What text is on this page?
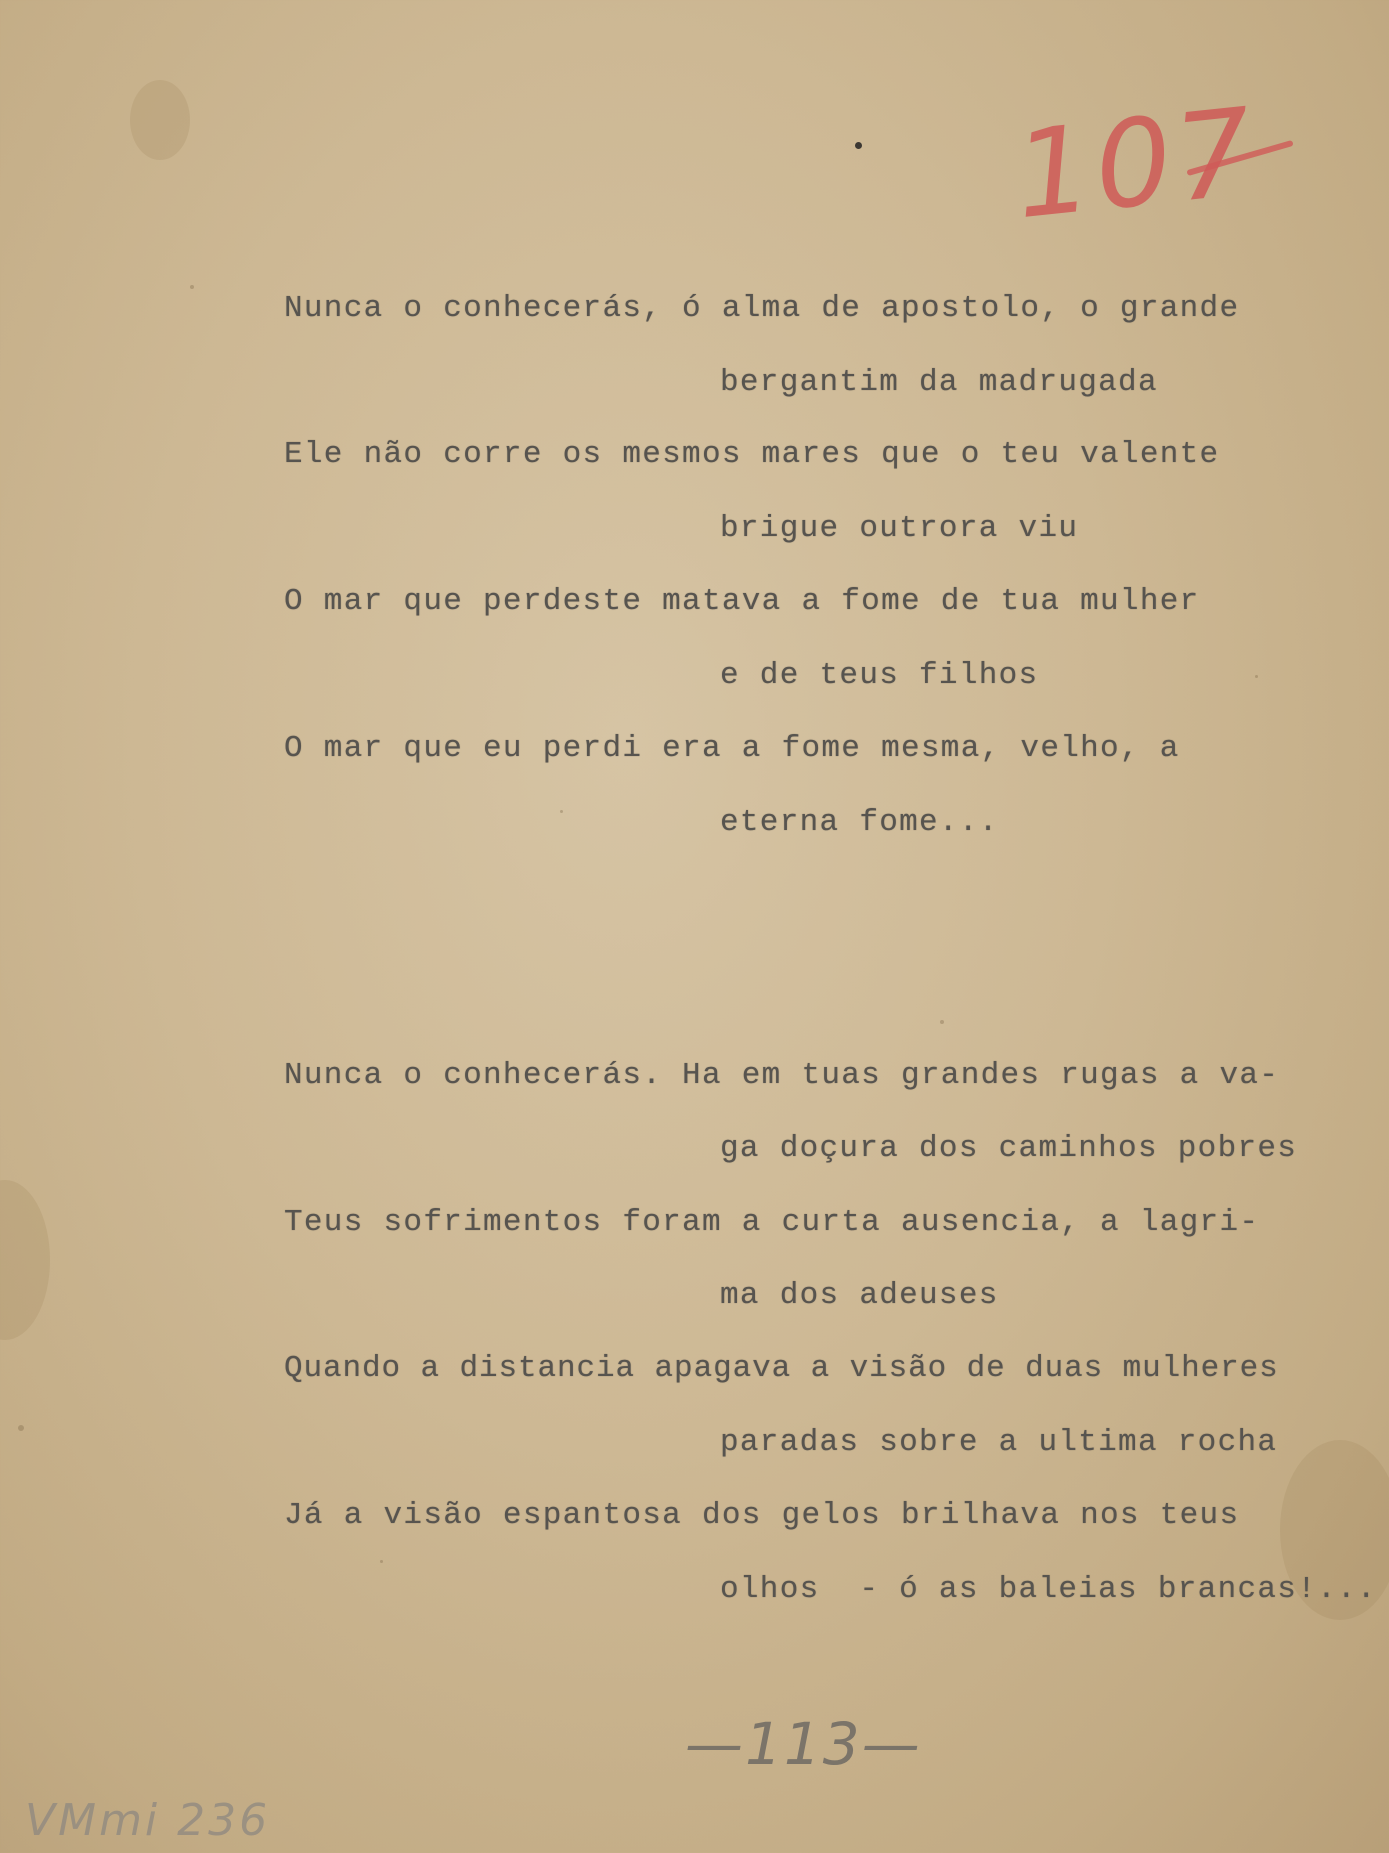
107
Nunca o conhecerás, ó alma de apostolo, o grande
bergantim da madrugada
Ele não corre os mesmos mares que o teu valente
brigue outrora viu
O mar que perdeste matava a fome de tua mulher
e de teus filhos
O mar que eu perdi era a fome mesma, velho, a
eterna fome...
Nunca o conhecerás. Ha em tuas grandes rugas a va-
ga doçura dos caminhos pobres
Teus sofrimentos foram a curta ausencia, a lagri-
ma dos adeuses
Quando a distancia apagava a visão de duas mulheres
paradas sobre a ultima rocha
Já a visão espantosa dos gelos brilhava nos teus
olhos  - ó as baleias brancas!...
—113—
VMmi 236
